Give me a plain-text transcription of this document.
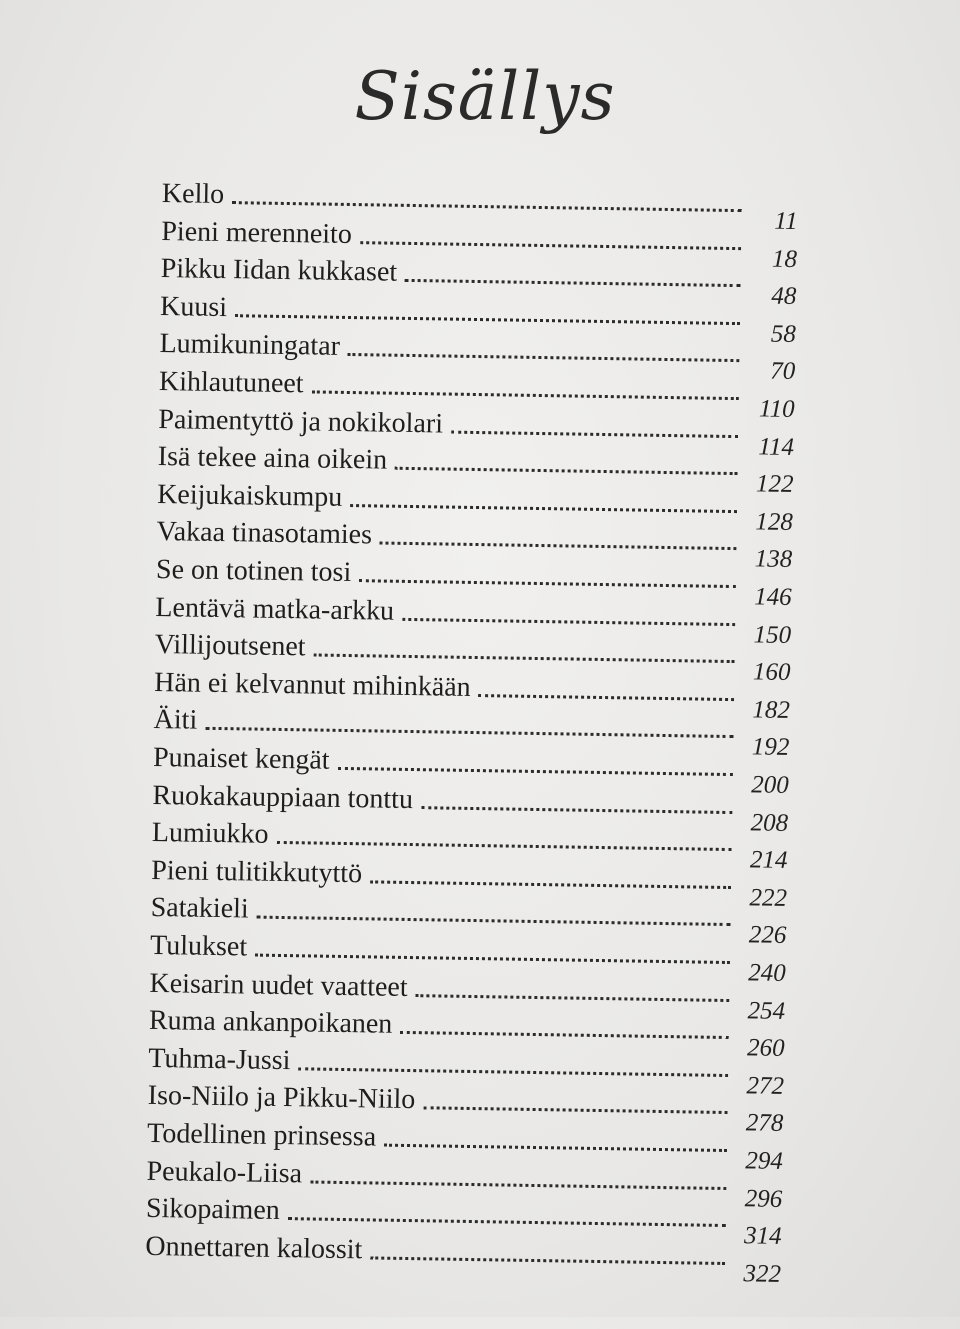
Sisällys
Kello
11
Pieni merenneito
18
Pikku Iidan kukkaset
48
Kuusi
58
Lumikuningatar
70
Kihlautuneet
110
Paimentyttö ja nokikolari
114
Isä tekee aina oikein
122
Keijukaiskumpu
128
Vakaa tinasotamies
138
Se on totinen tosi
146
Lentävä matka-arkku
150
Villijoutsenet
160
Hän ei kelvannut mihinkään
182
Äiti
192
Punaiset kengät
200
Ruokakauppiaan tonttu
208
Lumiukko
214
Pieni tulitikkutyttö
222
Satakieli
226
Tulukset
240
Keisarin uudet vaatteet
254
Ruma ankanpoikanen
260
Tuhma-Jussi
272
Iso-Niilo ja Pikku-Niilo
278
Todellinen prinsessa
294
Peukalo-Liisa
296
Sikopaimen
314
Onnettaren kalossit
322
